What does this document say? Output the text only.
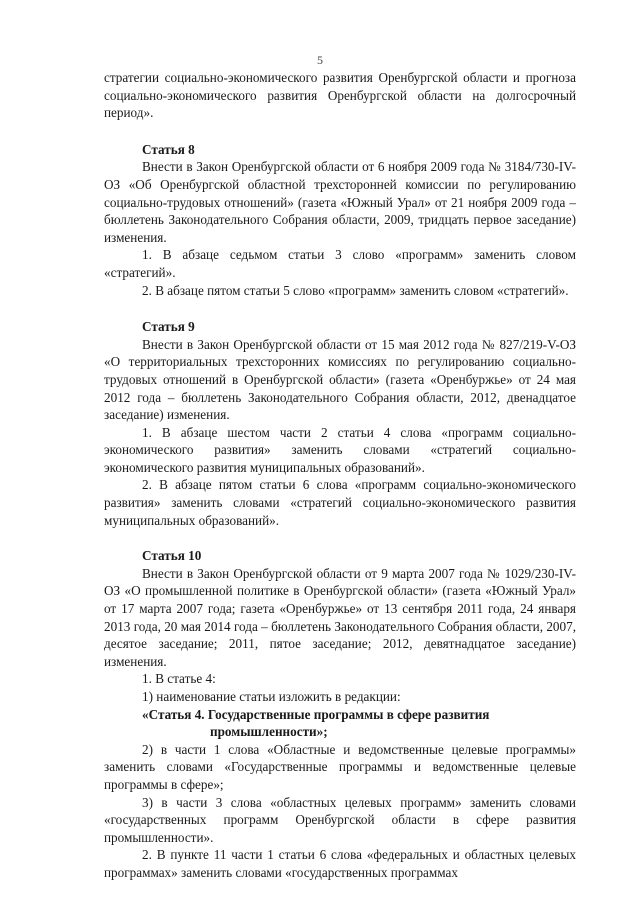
5

стратегии социально-экономического развития Оренбургской области и прогноза социально-экономического развития Оренбургской области на долгосрочный период».

Статья 8

Внести в Закон Оренбургской области от 6 ноября 2009 года № 3184/730-IV-ОЗ «Об Оренбургской областной трехсторонней комиссии по регулированию социально-трудовых отношений» (газета «Южный Урал» от 21 ноября 2009 года – бюллетень Законодательного Собрания области, 2009, тридцать первое заседание) изменения.

1. В абзаце седьмом статьи 3 слово «программ» заменить словом «стратегий».

2. В абзаце пятом статьи 5 слово «программ» заменить словом «стратегий».

Статья 9

Внести в Закон Оренбургской области от 15 мая 2012 года № 827/219-V-ОЗ «О территориальных трехсторонних комиссиях по регулированию социально-трудовых отношений в Оренбургской области» (газета «Оренбуржье» от 24 мая 2012 года – бюллетень Законодательного Собрания области, 2012, двенадцатое заседание) изменения.

1. В абзаце шестом части 2 статьи 4 слова «программ социально-экономического развития» заменить словами «стратегий социально-экономического развития муниципальных образований».

2. В абзаце пятом статьи 6 слова «программ социально-экономического развития» заменить словами «стратегий социально-экономического развития муниципальных образований».

Статья 10

Внести в Закон Оренбургской области от 9 марта 2007 года № 1029/230-IV-ОЗ «О промышленной политике в Оренбургской области» (газета «Южный Урал» от 17 марта 2007 года; газета «Оренбуржье» от 13 сентября 2011 года, 24 января 2013 года, 20 мая 2014 года – бюллетень Законодательного Собрания области, 2007, десятое заседание; 2011, пятое заседание; 2012, девятнадцатое заседание) изменения.

1. В статье 4:

1) наименование статьи изложить в редакции:

«Статья 4. Государственные программы в сфере развития
промышленности»;

2) в части 1 слова «Областные и ведомственные целевые программы» заменить словами «Государственные программы и ведомственные целевые программы в сфере»;

3) в части 3 слова «областных целевых программ» заменить словами «государственных программ Оренбургской области в сфере развития промышленности».

2. В пункте 11 части 1 статьи 6 слова «федеральных и областных целевых программах» заменить словами «государственных программах
